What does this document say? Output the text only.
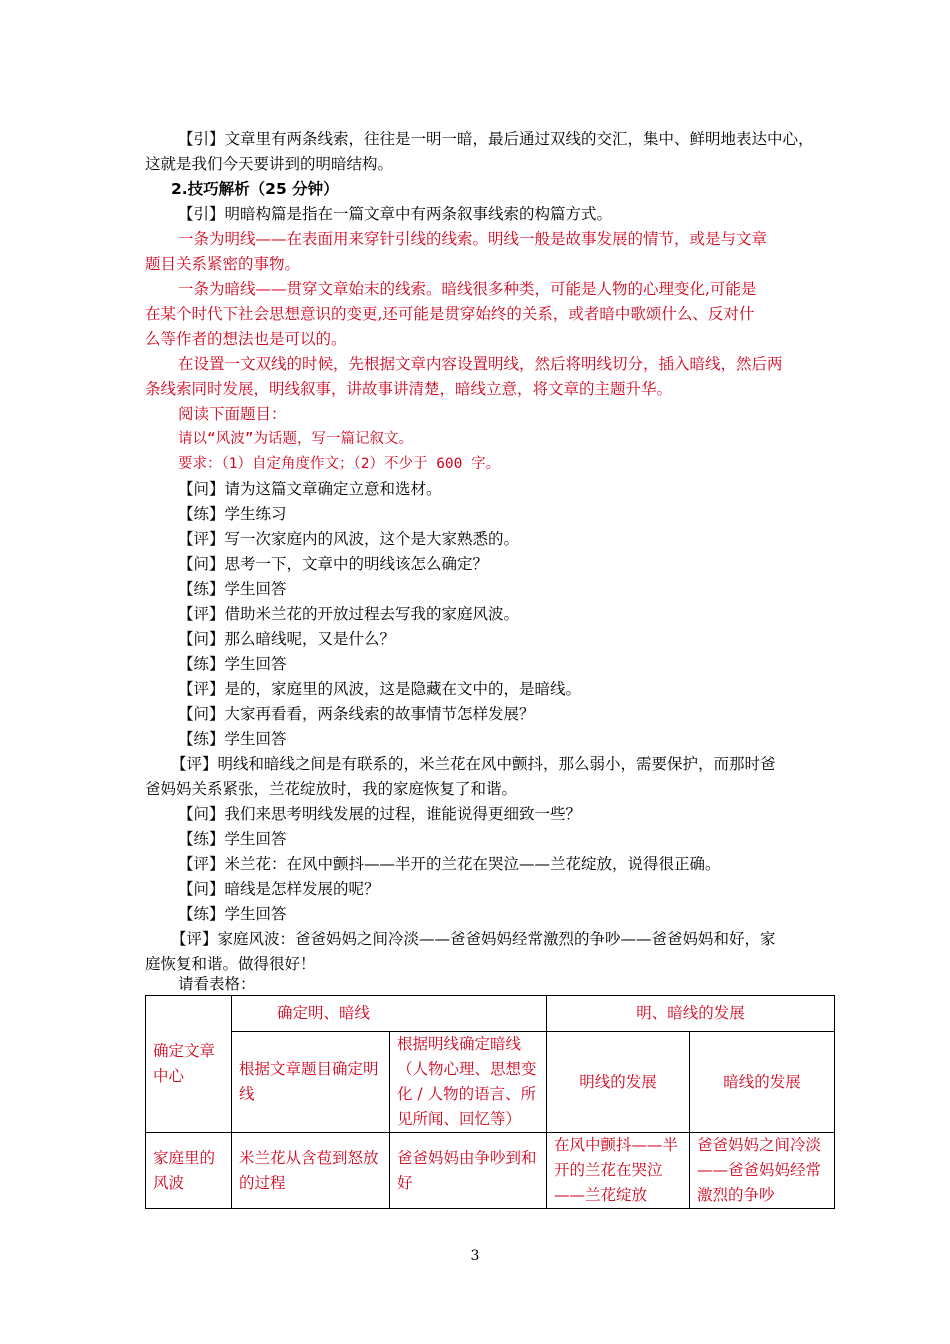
【引】文章里有两条线索，往往是一明一暗，最后通过双线的交汇，集中、鲜明地表达中心，
这就是我们今天要讲到的明暗结构。
2.技巧解析（25 分钟）
【引】明暗构篇是指在一篇文章中有两条叙事线索的构篇方式。
一条为明线——在表面用来穿针引线的线索。明线一般是故事发展的情节，或是与文章
题目关系紧密的事物。
一条为暗线——贯穿文章始末的线索。暗线很多种类，可能是人物的心理变化,可能是
在某个时代下社会思想意识的变更,还可能是贯穿始终的关系，或者暗中歌颂什么、反对什
么等作者的想法也是可以的。
在设置一文双线的时候，先根据文章内容设置明线，然后将明线切分，插入暗线，然后两
条线索同时发展，明线叙事，讲故事讲清楚，暗线立意，将文章的主题升华。
阅读下面题目：
请以“风波”为话题，写一篇记叙文。
要求：（1）自定角度作文；（2）不少于 600 字。
【问】请为这篇文章确定立意和选材。
【练】学生练习
【评】写一次家庭内的风波，这个是大家熟悉的。
【问】思考一下，文章中的明线该怎么确定？
【练】学生回答
【评】借助米兰花的开放过程去写我的家庭风波。
【问】那么暗线呢，又是什么？
【练】学生回答
【评】是的，家庭里的风波，这是隐藏在文中的，是暗线。
【问】大家再看看，两条线索的故事情节怎样发展？
【练】学生回答
【评】明线和暗线之间是有联系的，米兰花在风中颤抖，那么弱小，需要保护，而那时爸
爸妈妈关系紧张，兰花绽放时，我的家庭恢复了和谐。
【问】我们来思考明线发展的过程，谁能说得更细致一些？
【练】学生回答
【评】米兰花：在风中颤抖——半开的兰花在哭泣——兰花绽放，说得很正确。
【问】暗线是怎样发展的呢？
【练】学生回答
【评】家庭风波：爸爸妈妈之间冷淡——爸爸妈妈经常激烈的争吵——爸爸妈妈和好，家
庭恢复和谐。做得很好！
请看表格：
确定文章中心	确定明、暗线		明、暗线的发展	
	根据文章题目确定明线	根据明线确定暗线（人物心理、思想变化 / 人物的语言、所见所闻、回忆等）	明线的发展	暗线的发展
家庭里的风波	米兰花从含苞到怒放的过程	爸爸妈妈由争吵到和好	在风中颤抖——半开的兰花在哭泣——兰花绽放	爸爸妈妈之间冷淡——爸爸妈妈经常激烈的争吵
3
